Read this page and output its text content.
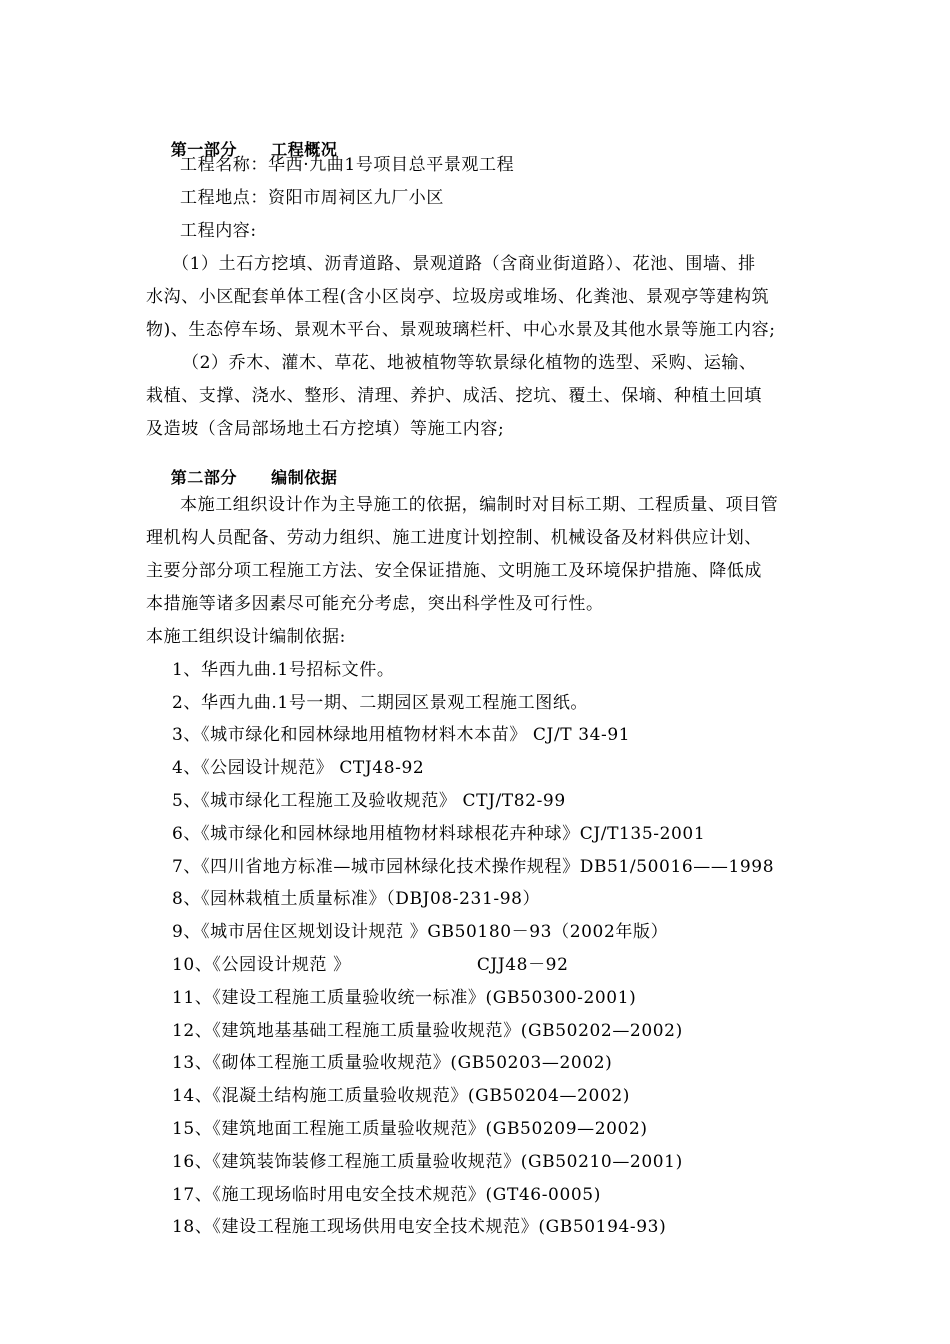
第一部分 工程概况

工程名称：华西·九曲1号项目总平景观工程
工程地点：资阳市周祠区九厂小区
工程内容:
（1）土石方挖填、沥青道路、景观道路（含商业街道路）、花池、围墙、排
水沟、小区配套单体工程(含小区岗亭、垃圾房或堆场、化粪池、景观亭等建构筑
物)、生态停车场、景观木平台、景观玻璃栏杆、中心水景及其他水景等施工内容;
（2）乔木、灌木、草花、地被植物等软景绿化植物的选型、采购、运输、
栽植、支撑、浇水、整形、清理、养护、成活、挖坑、覆土、保墒、种植土回填
及造坡（含局部场地土石方挖填）等施工内容;

第二部分 编制依据

本施工组织设计作为主导施工的依据，编制时对目标工期、工程质量、项目管
理机构人员配备、劳动力组织、施工进度计划控制、机械设备及材料供应计划、
主要分部分项工程施工方法、安全保证措施、文明施工及环境保护措施、降低成
本措施等诸多因素尽可能充分考虑，突出科学性及可行性。
本施工组织设计编制依据:
1、华西九曲.1号招标文件。
2、华西九曲.1号一期、二期园区景观工程施工图纸。
3、《城市绿化和园林绿地用植物材料木本苗》 CJ/T 34-91
4、《公园设计规范》 CTJ48-92
5、《城市绿化工程施工及验收规范》 CTJ/T82-99
6、《城市绿化和园林绿地用植物材料球根花卉种球》CJ/T135-2001
7、《四川省地方标准—城市园林绿化技术操作规程》DB51/50016——1998
8、《园林栽植土质量标准》（DBJ08-231-98）
9、《城市居住区规划设计规范 》GB50180－93（2002年版）
10、《公园设计规范 》                     CJJ48－92
11、《建设工程施工质量验收统一标准》(GB50300-2001)
12、《建筑地基基础工程施工质量验收规范》(GB50202—2002)
13、《砌体工程施工质量验收规范》(GB50203—2002)
14、《混凝土结构施工质量验收规范》(GB50204—2002)
15、《建筑地面工程施工质量验收规范》(GB50209—2002)
16、《建筑装饰装修工程施工质量验收规范》(GB50210—2001)
17、《施工现场临时用电安全技术规范》(GT46-0005)
18、《建设工程施工现场供用电安全技术规范》(GB50194-93)
